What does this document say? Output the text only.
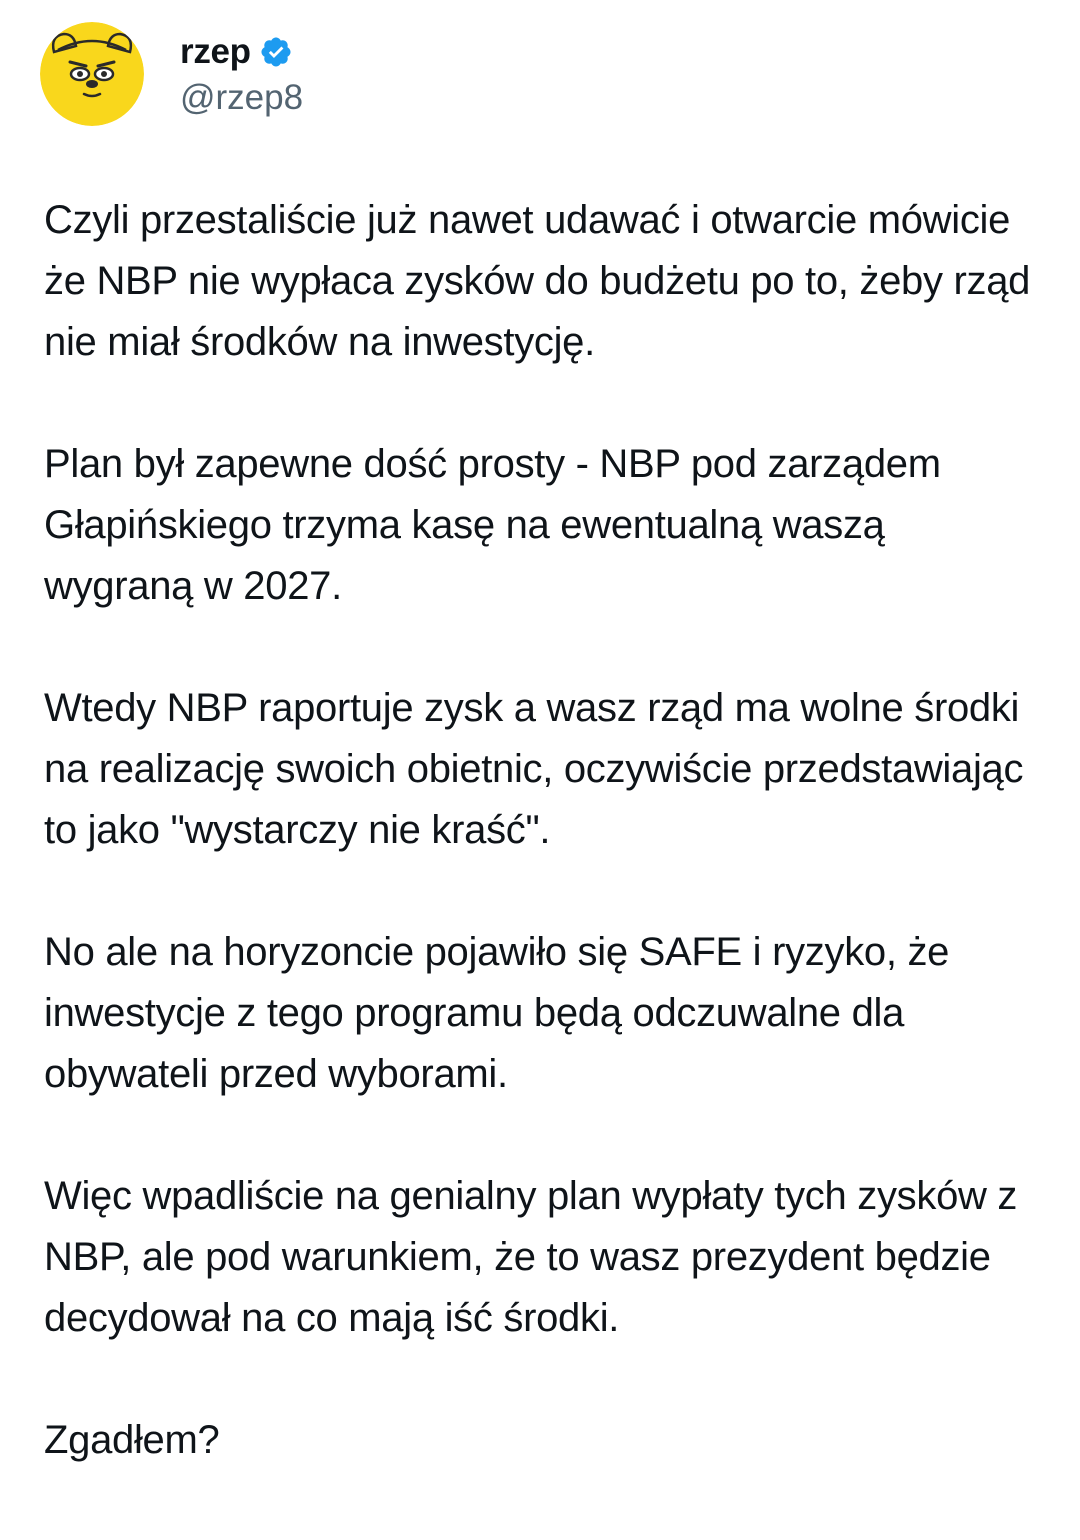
rzep
@rzep8

Czyli przestaliście już nawet udawać i otwarcie mówicie że NBP nie wypłaca zysków do budżetu po to, żeby rząd nie miał środków na inwestycję.

Plan był zapewne dość prosty - NBP pod zarządem Głapińskiego trzyma kasę na ewentualną waszą wygraną w 2027.

Wtedy NBP raportuje zysk a wasz rząd ma wolne środki na realizację swoich obietnic, oczywiście przedstawiając to jako "wystarczy nie kraść".

No ale na horyzoncie pojawiło się SAFE i ryzyko, że inwestycje z tego programu będą odczuwalne dla obywateli przed wyborami.

Więc wpadliście na genialny plan wypłaty tych zysków z NBP, ale pod warunkiem, że to wasz prezydent będzie decydował na co mają iść środki.

Zgadłem?
